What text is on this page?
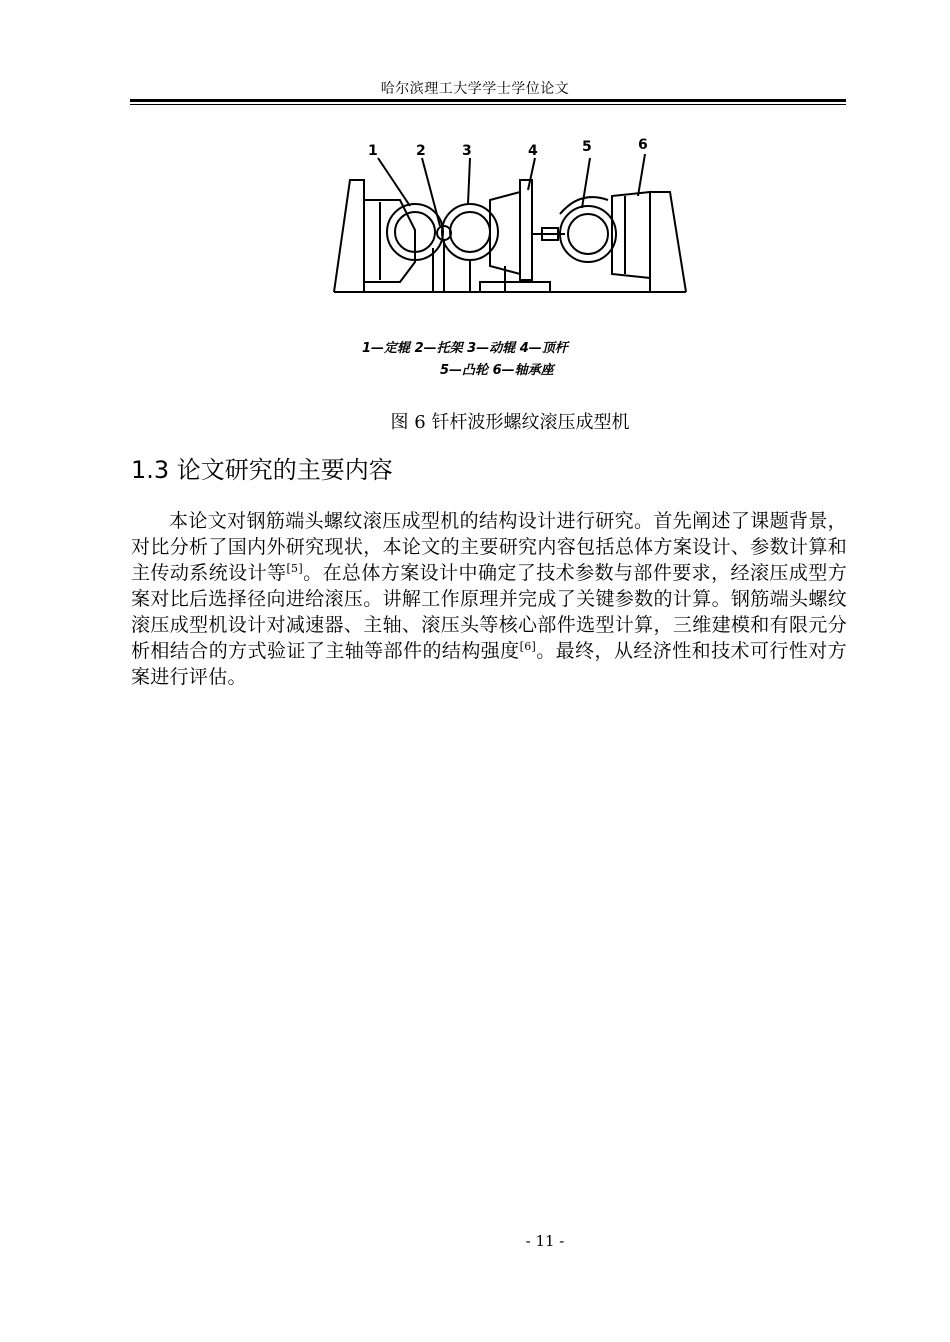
哈尔滨理工大学学士学位论文
1	2	3	4	5	6
1—定辊 2—托架 3—动辊 4—顶杆
5—凸轮 6—轴承座
图 6 钎杆波形螺纹滚压成型机
1.3 论文研究的主要内容
本论文对钢筋端头螺纹滚压成型机的结构设计进行研究。首先阐述了课题背景，对比分析了国内外研究现状，本论文的主要研究内容包括总体方案设计、参数计算和主传动系统设计等[5]。在总体方案设计中确定了技术参数与部件要求，经滚压成型方案对比后选择径向进给滚压。讲解工作原理并完成了关键参数的计算。钢筋端头螺纹滚压成型机设计对减速器、主轴、滚压头等核心部件选型计算，三维建模和有限元分析相结合的方式验证了主轴等部件的结构强度[6]。最终，从经济性和技术可行性对方案进行评估。
- 11 -
